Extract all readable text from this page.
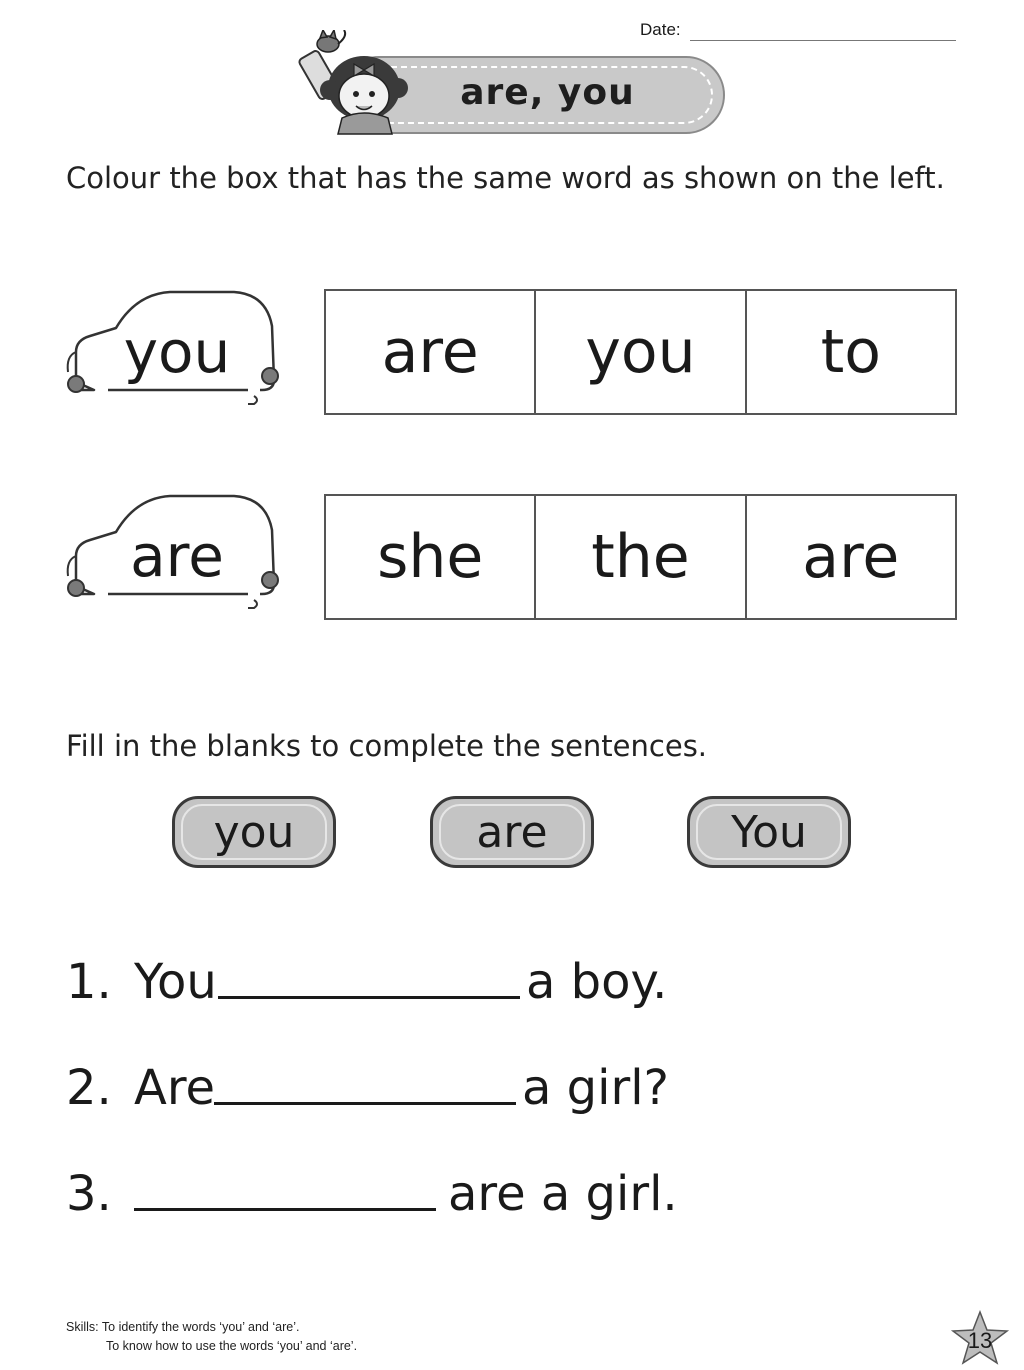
Date:
are, you
Colour the box that has the same word as shown on the left.
you	are	you	to
are	she	the	are
Fill in the blanks to complete the sentences.
you	are	You
1. You	a boy.
2. Are	a girl?
3.	are a girl.
Skills: To identify the words ‘you’ and ‘are’.
To know how to use the words ‘you’ and ‘are’.	13
